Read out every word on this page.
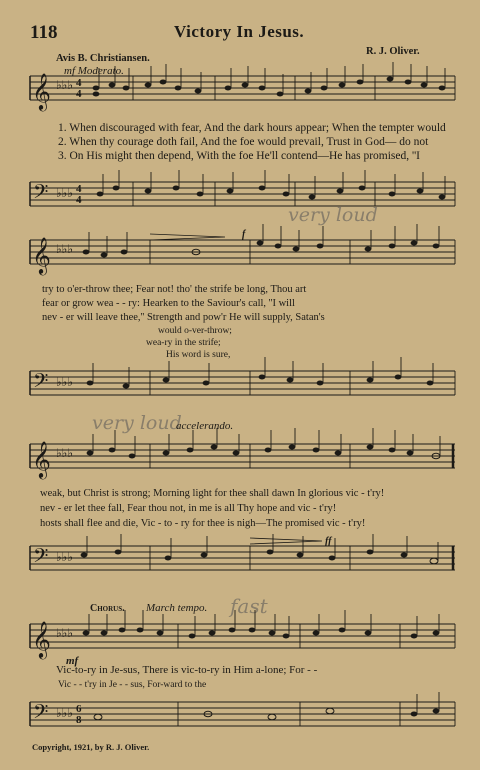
118	Victory In Jesus.
Avis B. Christiansen.
R. J. Oliver.
mf Moderato.
very loud
very loud
fast
𝄞 ♭♭♭ 4
4
1. When discouraged with fear, And the dark hours appear; When the tempter would
2. When thy courage doth fail, And the foe would prevail, Trust in God— do not
3. On His might then depend, With the foe He'll contend—He has promised, ''I
𝄢 ♭♭♭ 4
4
𝄞 ♭♭♭
f
try to o'er-throw thee; Fear not! tho' the strife be long, Thou art
fear or grow wea - - ry: Hearken to the Saviour's call, ''I will
nev - er will leave thee,'' Strength and pow'r He will supply, Satan's
would o-ver-throw;
wea-ry in the strife;
His word is sure,
𝄢 ♭♭♭
accelerando.
𝄞 ♭♭♭
weak, but Christ is strong; Morning light for thee shall dawn In glorious vic - t'ry!
nev - er let thee fall, Fear thou not, in me is all Thy hope and vic - t'ry!
hosts shall flee and die, Vic - to - ry for thee is nigh—The promised vic - t'ry!
𝄢 ♭♭♭
ff
Chorus. March tempo.
𝄞 ♭♭♭
mf
Vic-to-ry in Je-sus, There is vic-to-ry in Him a-lone; For - -
Vic - - t'ry in Je - - sus, For-ward to the
𝄢 ♭♭♭ 6
8
Copyright, 1921, by R. J. Oliver.
